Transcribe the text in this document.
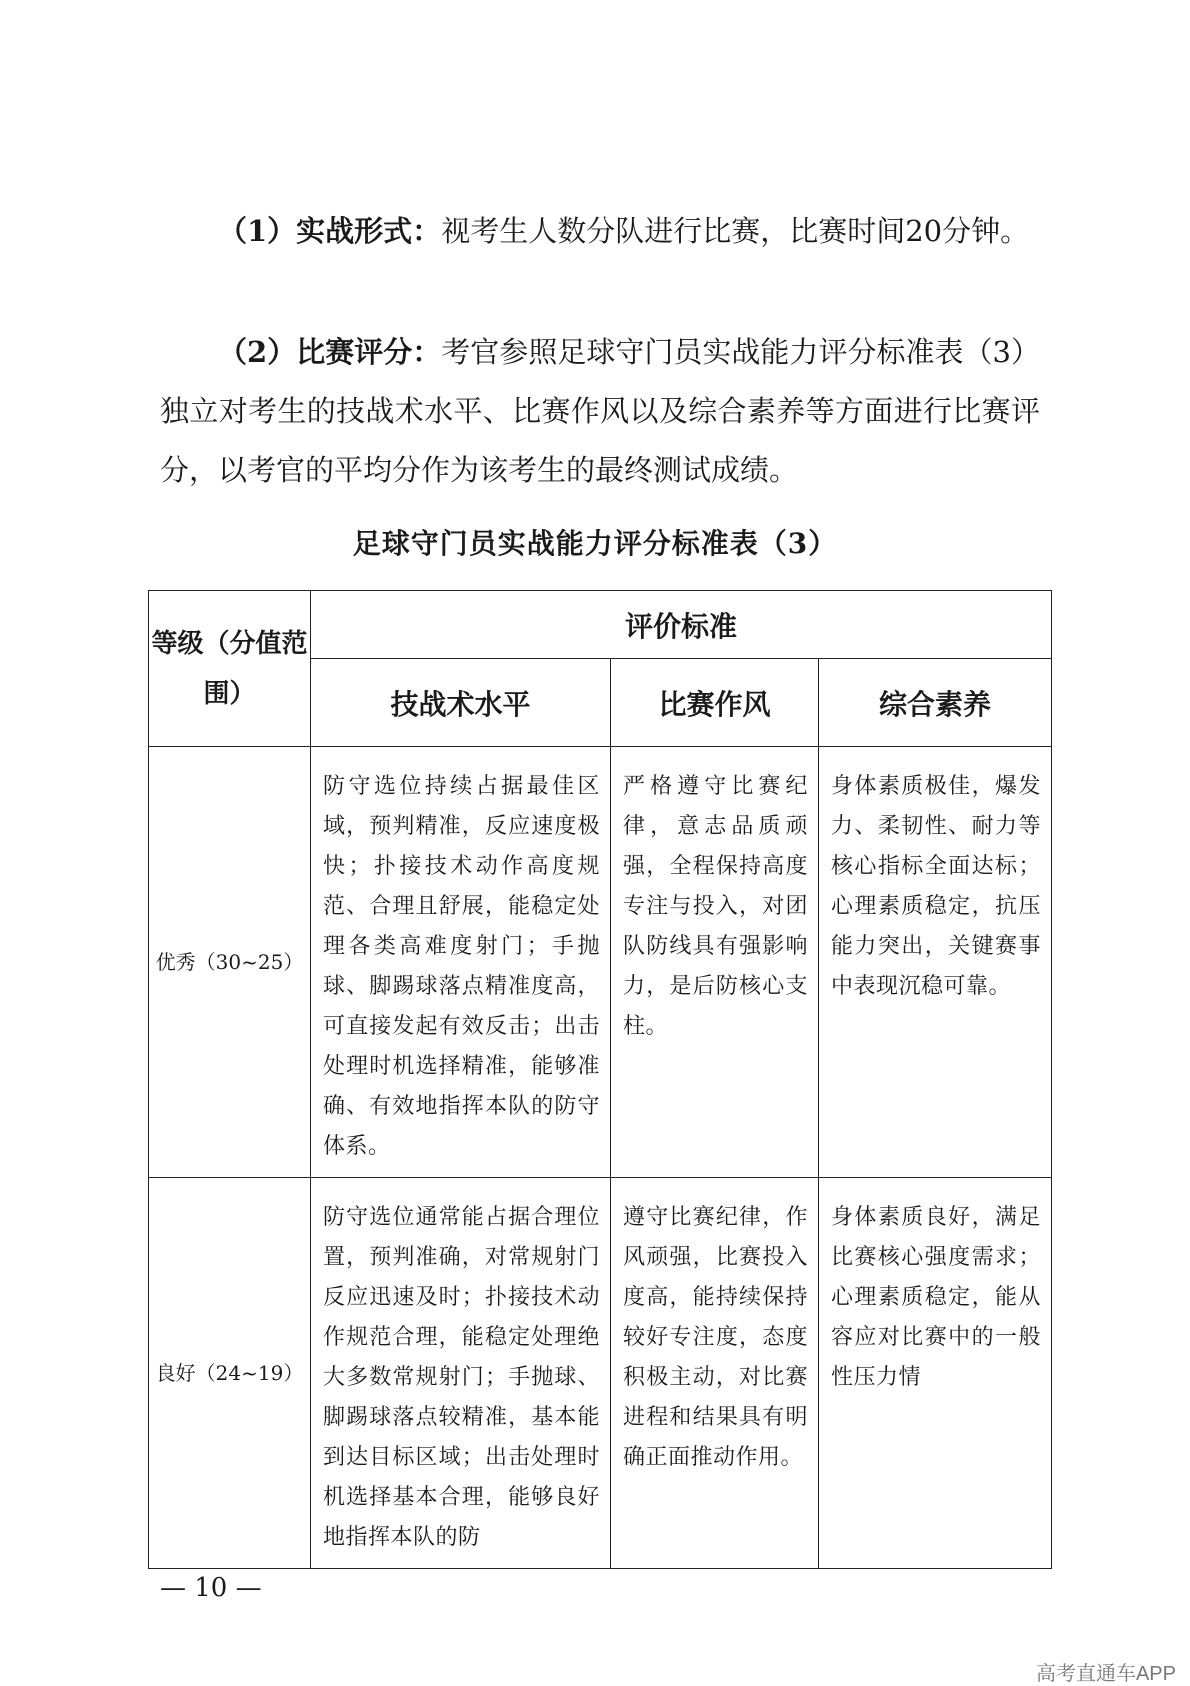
（1）实战形式：视考生人数分队进行比赛，比赛时间20分钟。

（2）比赛评分：考官参照足球守门员实战能力评分标准表（3）独立对考生的技战术水平、比赛作风以及综合素养等方面进行比赛评分，以考官的平均分作为该考生的最终测试成绩。

足球守门员实战能力评分标准表（3）

等级（分值范围）	评价标准		
	技战术水平	比赛作风	综合素养
优秀（30~25）	防守选位持续占据最佳区域，预判精准，反应速度极快；扑接技术动作高度规范、合理且舒展，能稳定处理各类高难度射门；手抛球、脚踢球落点精准度高，可直接发起有效反击；出击处理时机选择精准，能够准确、有效地指挥本队的防守体系。	严格遵守比赛纪律，意志品质顽强，全程保持高度专注与投入，对团队防线具有强影响力，是后防核心支柱。	身体素质极佳，爆发力、柔韧性、耐力等核心指标全面达标；心理素质稳定，抗压能力突出，关键赛事中表现沉稳可靠。
良好（24~19）	防守选位通常能占据合理位置，预判准确，对常规射门反应迅速及时；扑接技术动作规范合理，能稳定处理绝大多数常规射门；手抛球、脚踢球落点较精准，基本能到达目标区域；出击处理时机选择基本合理，能够良好地指挥本队的防	遵守比赛纪律，作风顽强，比赛投入度高，能持续保持较好专注度，态度积极主动，对比赛进程和结果具有明确正面推动作用。	身体素质良好，满足比赛核心强度需求；心理素质稳定，能从容应对比赛中的一般性压力情

— 10 —

高考直通车APP
